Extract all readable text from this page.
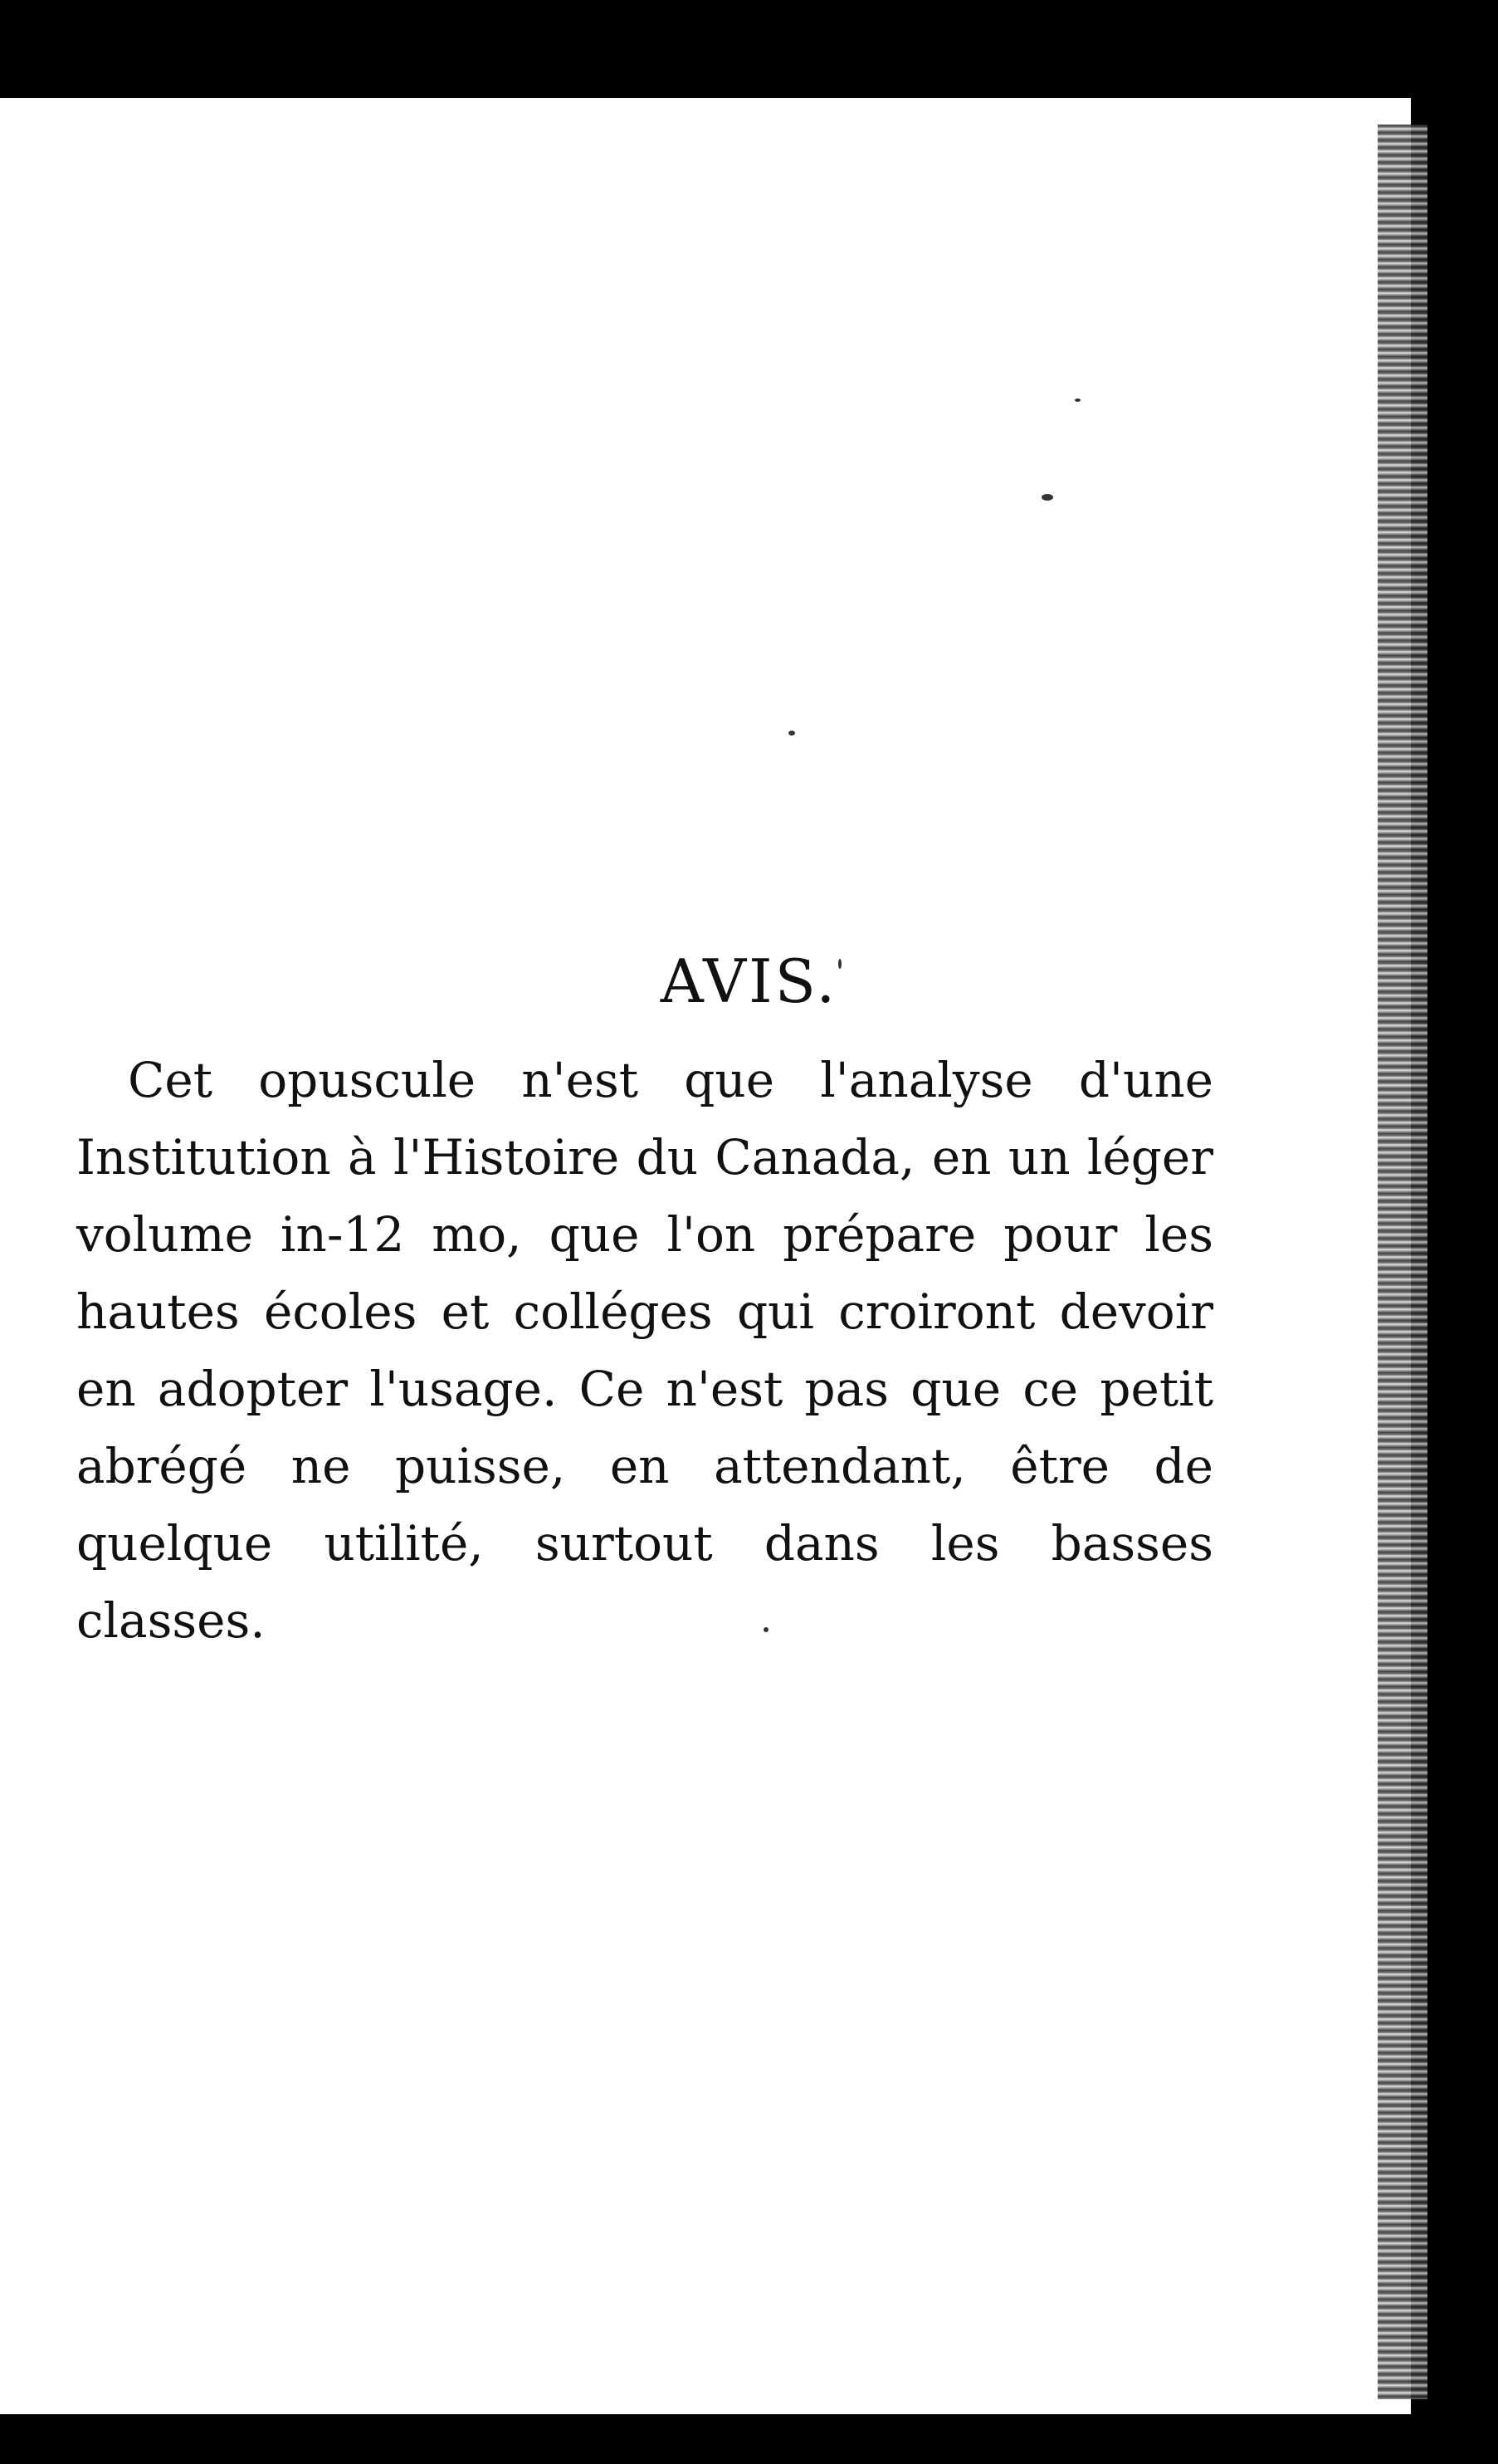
AVIS.

Cet opuscule n'est que l'analyse d'une Institution à l'Histoire du Canada, en un léger volume in-12 mo, que l'on prépare pour les hautes écoles et colléges qui croiront devoir en adopter l'usage. Ce n'est pas que ce petit abrégé ne puisse, en attendant, être de quelque utilité, surtout dans les basses classes.
